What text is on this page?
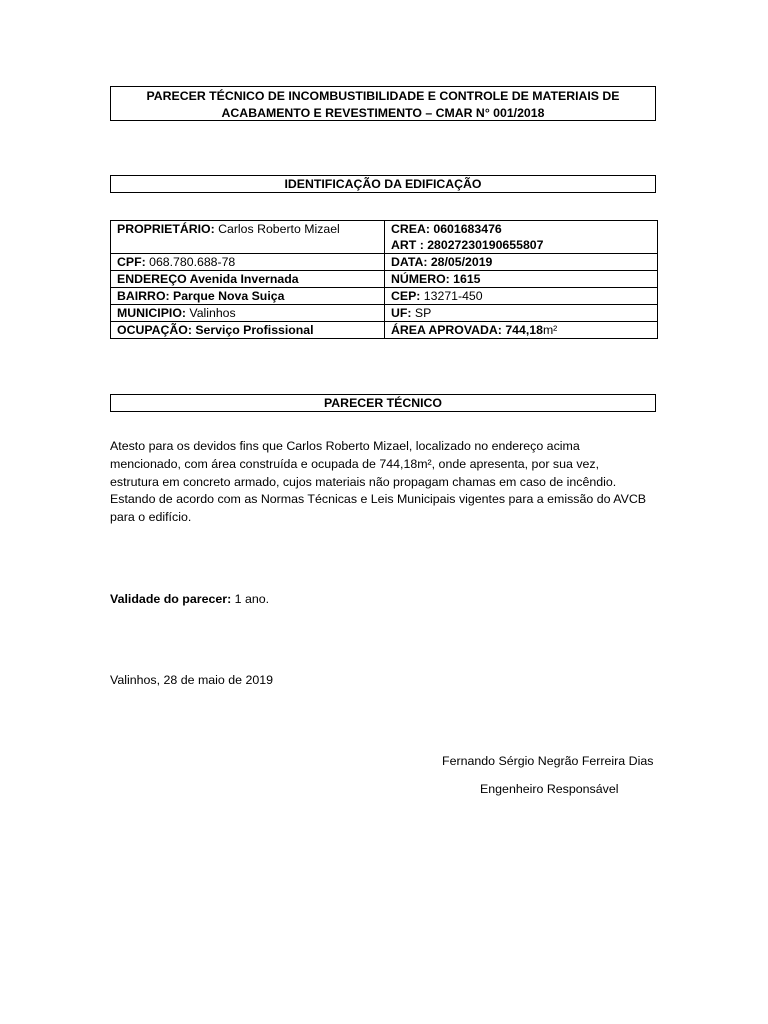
PARECER TÉCNICO DE INCOMBUSTIBILIDADE E CONTROLE DE MATERIAIS DE
ACABAMENTO E REVESTIMENTO – CMAR N° 001/2018
IDENTIFICAÇÃO DA EDIFICAÇÃO
PROPRIETÁRIO: Carlos Roberto Mizael	CREA: 0601683476
ART : 28027230190655807

CPF: 068.780.688-78	DATA: 28/05/2019
ENDEREÇO Avenida Invernada	NÚMERO: 1615
BAIRRO: Parque Nova Suiça	CEP: 13271-450
MUNICIPIO: Valinhos	UF: SP
OCUPAÇÃO: Serviço Profissional	ÁREA APROVADA: 744,18m²
PARECER TÉCNICO
Atesto para os devidos fins que Carlos Roberto Mizael, localizado no endereço acima
mencionado, com área construída e ocupada de 744,18m², onde apresenta, por sua vez,
estrutura em concreto armado, cujos materiais não propagam chamas em caso de incêndio.
Estando de acordo com as Normas Técnicas e Leis Municipais vigentes para a emissão do AVCB
para o edifício.
Validade do parecer: 1 ano.
Valinhos, 28 de maio de 2019
Fernando Sérgio Negrão Ferreira Dias
Engenheiro Responsável
